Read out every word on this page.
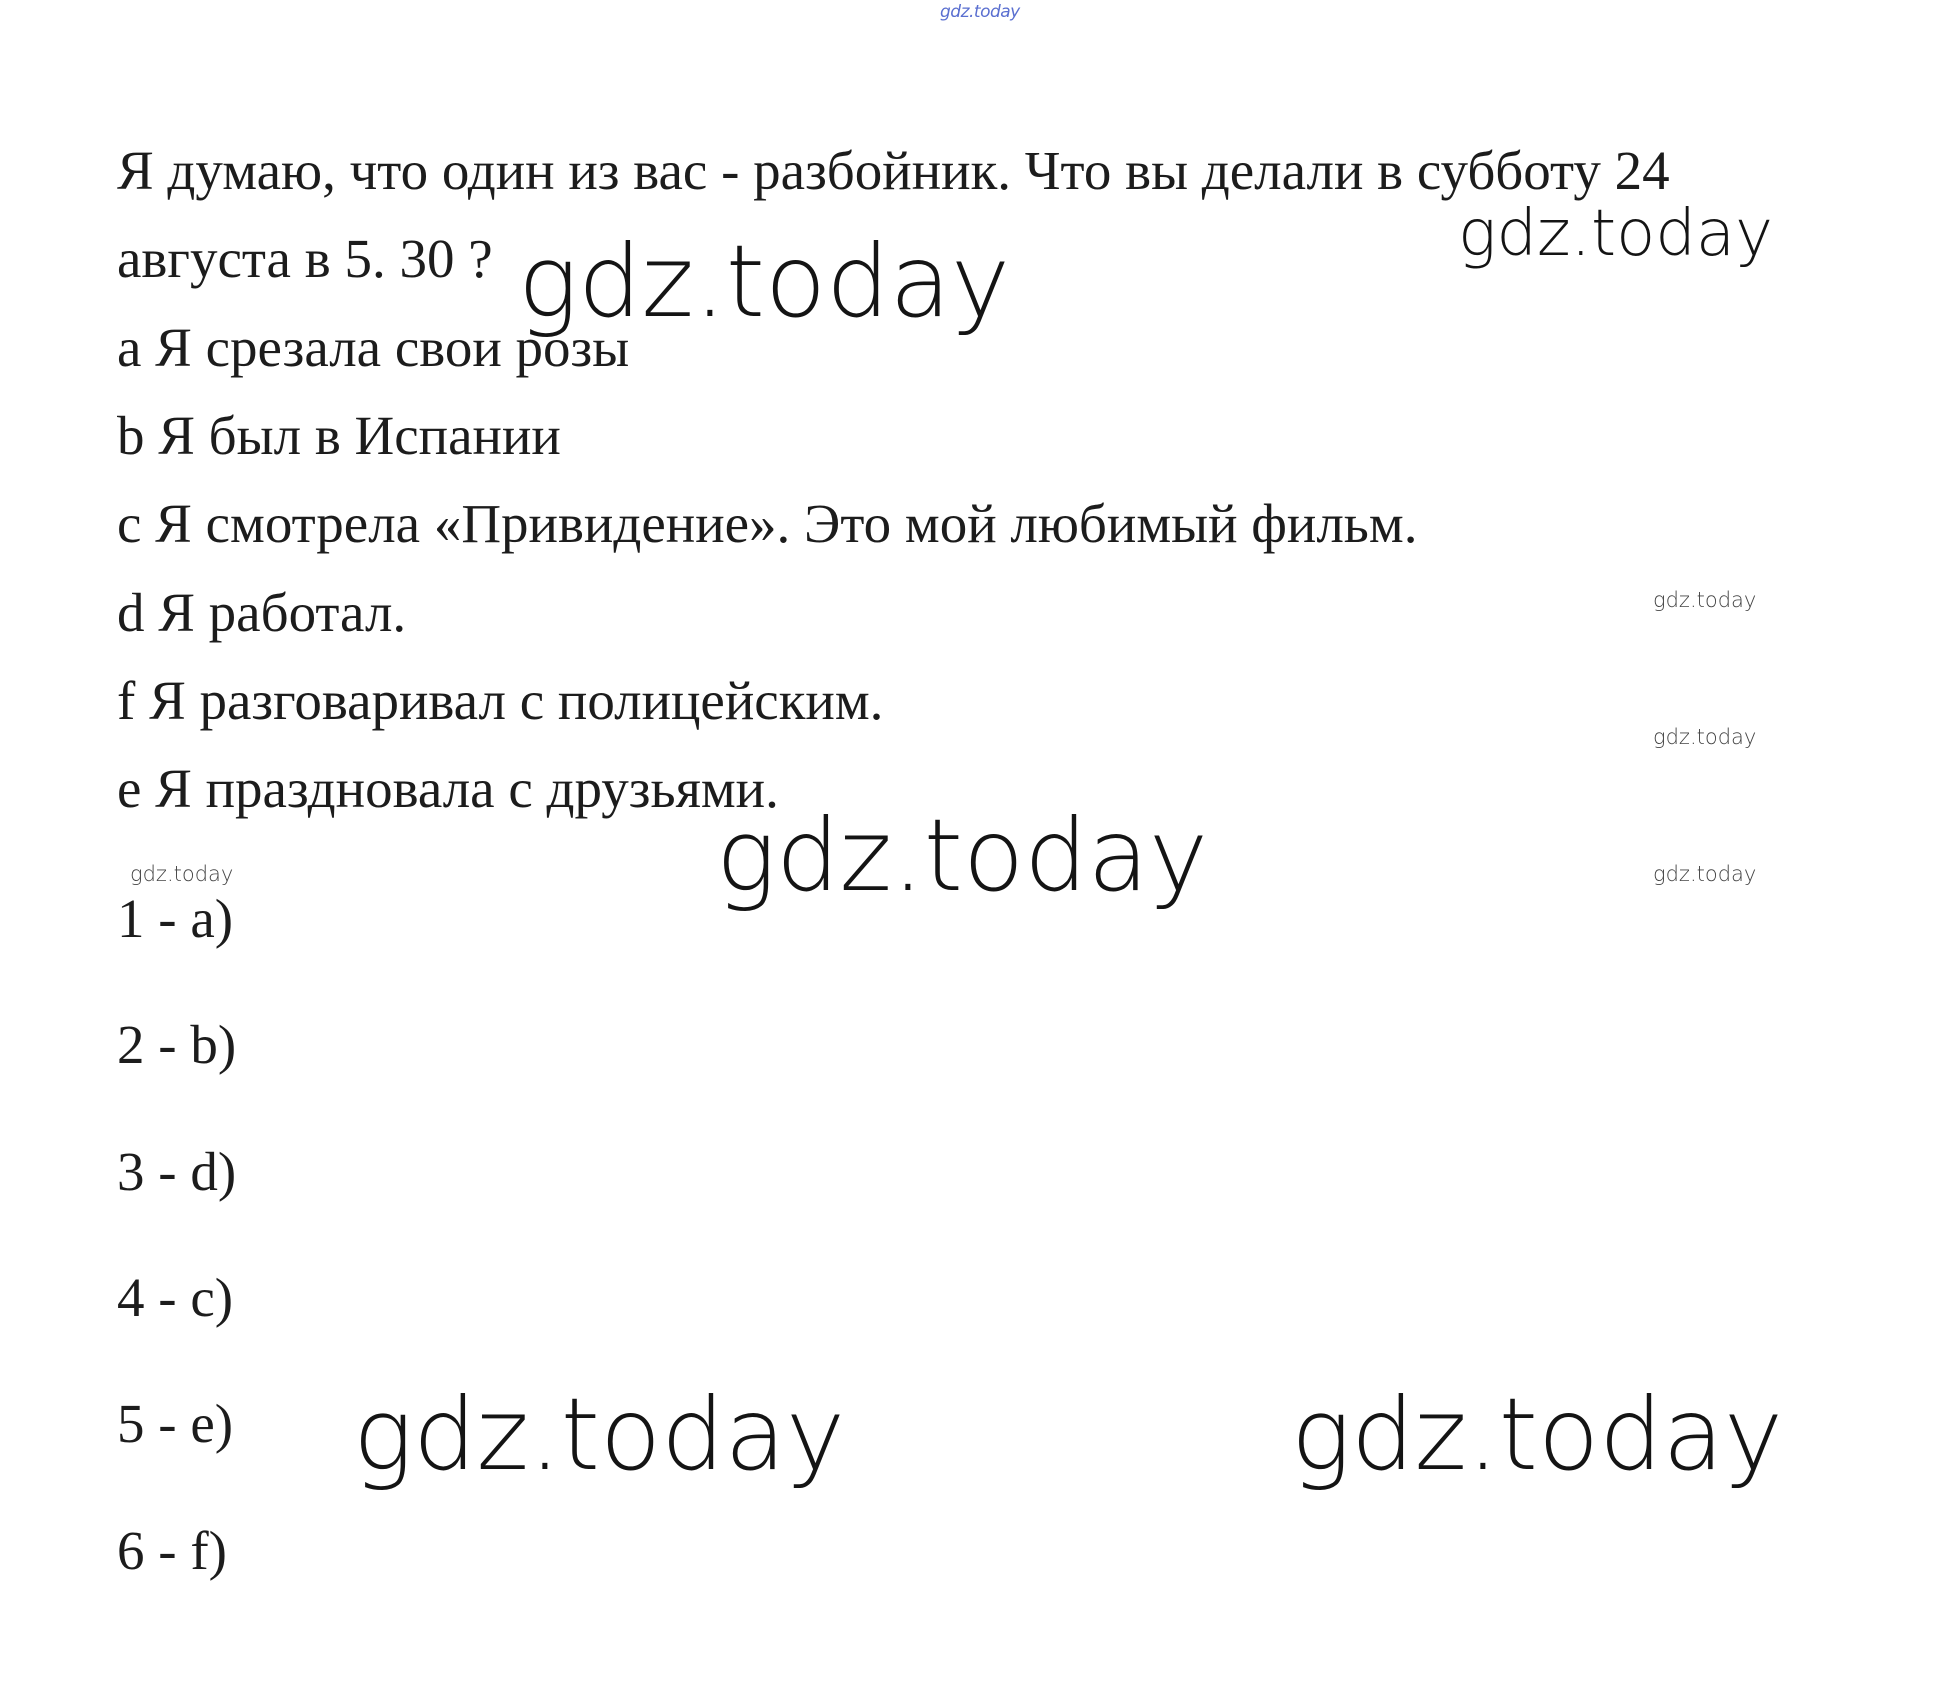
gdz.today
Я думаю, что один из вас - разбойник. Что вы делали в субботу 24
августа в 5. 30 ?
a Я срезала свои розы
b Я был в Испании
c Я смотрела «Привидение». Это мой любимый фильм.
d Я работал.
f Я разговаривал с полицейским.
e Я праздновала с друзьями.
1 - a)
2 - b)
3 - d)
4 - c)
5 - e)
6 - f)
gdz.today	gdz.today
gdz.today
gdz.today	gdz.today
gdz.today
gdz.today
gdz.today
gdz.today
